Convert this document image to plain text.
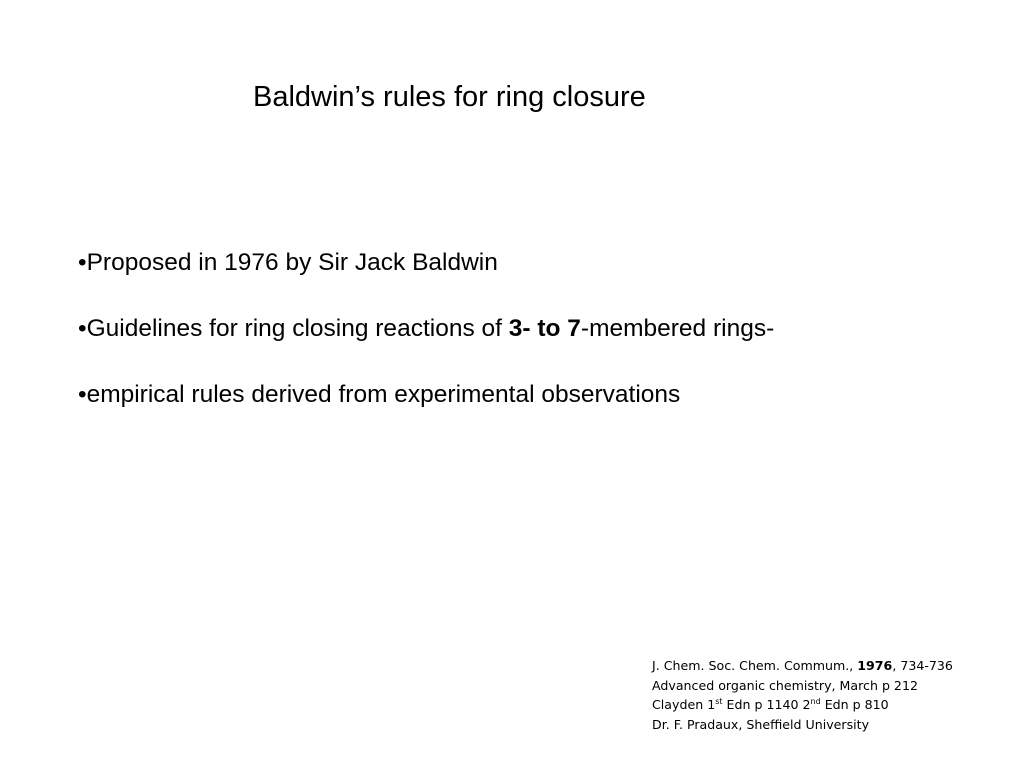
Baldwin’s rules for ring closure
•Proposed in 1976 by Sir Jack Baldwin
•Guidelines for ring closing reactions of 3- to 7-membered rings-
•empirical rules derived from experimental observations
J. Chem. Soc. Chem. Commum., 1976, 734-736
Advanced organic chemistry, March p 212
Clayden 1st Edn p 1140 2nd Edn p 810
Dr. F. Pradaux, Sheffield University
